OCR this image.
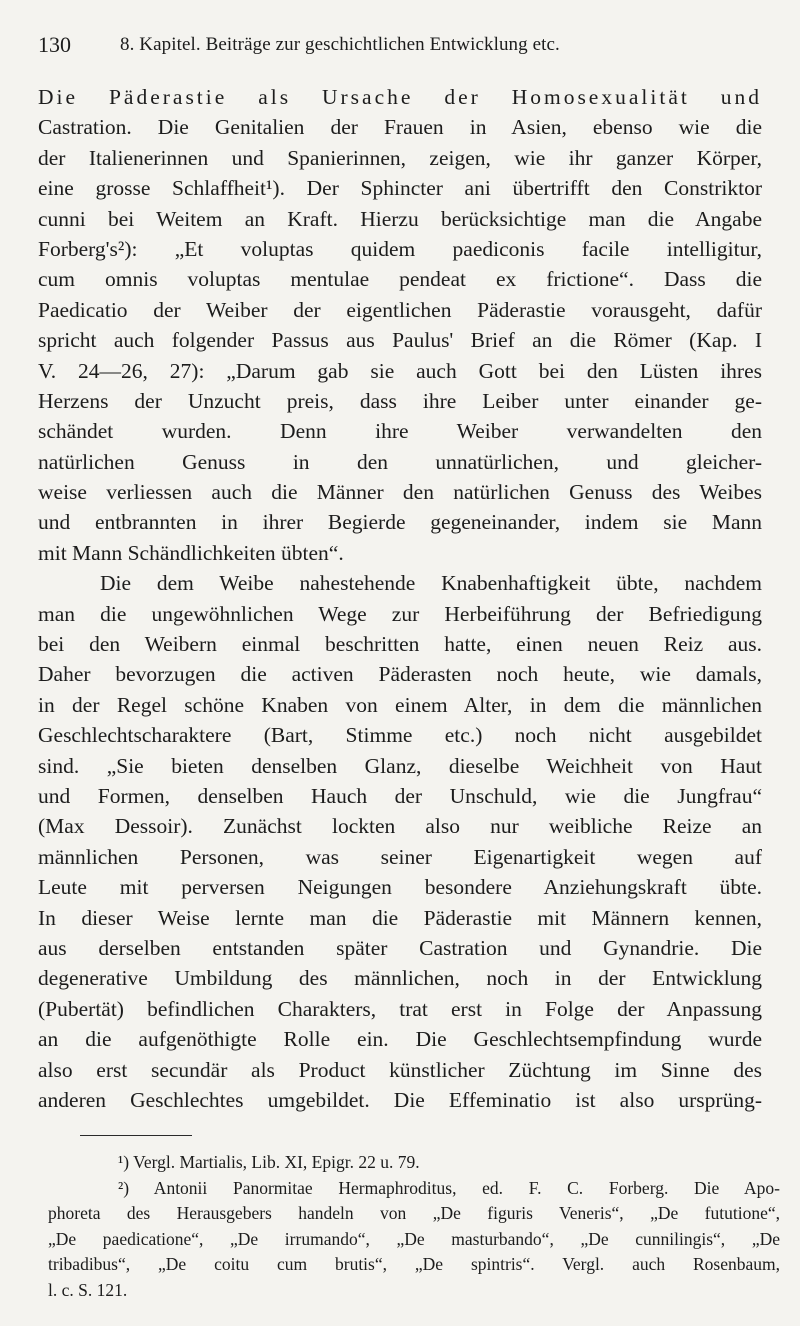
130	8. Kapitel. Beiträge zur geschichtlichen Entwicklung etc.
Die Päderastie als Ursache der Homosexualität und
Castration. Die Genitalien der Frauen in Asien, ebenso wie die
der Italienerinnen und Spanierinnen, zeigen, wie ihr ganzer Körper,
eine grosse Schlaffheit¹). Der Sphincter ani übertrifft den Constriktor
cunni bei Weitem an Kraft. Hierzu berücksichtige man die Angabe
Forberg's²): „Et voluptas quidem paediconis facile intelligitur,
cum omnis voluptas mentulae pendeat ex frictione“. Dass die
Paedicatio der Weiber der eigentlichen Päderastie vorausgeht, dafür
spricht auch folgender Passus aus Paulus' Brief an die Römer (Kap. I
V. 24—26, 27): „Darum gab sie auch Gott bei den Lüsten ihres
Herzens der Unzucht preis, dass ihre Leiber unter einander ge-
schändet wurden. Denn ihre Weiber verwandelten den
natürlichen Genuss in den unnatürlichen, und gleicher-
weise verliessen auch die Männer den natürlichen Genuss des Weibes
und entbrannten in ihrer Begierde gegeneinander, indem sie Mann
mit Mann Schändlichkeiten übten“.
Die dem Weibe nahestehende Knabenhaftigkeit übte, nachdem
man die ungewöhnlichen Wege zur Herbeiführung der Befriedigung
bei den Weibern einmal beschritten hatte, einen neuen Reiz aus.
Daher bevorzugen die activen Päderasten noch heute, wie damals,
in der Regel schöne Knaben von einem Alter, in dem die männlichen
Geschlechtscharaktere (Bart, Stimme etc.) noch nicht ausgebildet
sind. „Sie bieten denselben Glanz, dieselbe Weichheit von Haut
und Formen, denselben Hauch der Unschuld, wie die Jungfrau“
(Max Dessoir). Zunächst lockten also nur weibliche Reize an
männlichen Personen, was seiner Eigenartigkeit wegen auf
Leute mit perversen Neigungen besondere Anziehungskraft übte.
In dieser Weise lernte man die Päderastie mit Männern kennen,
aus derselben entstanden später Castration und Gynandrie. Die
degenerative Umbildung des männlichen, noch in der Entwicklung
(Pubertät) befindlichen Charakters, trat erst in Folge der Anpassung
an die aufgenöthigte Rolle ein. Die Geschlechtsempfindung wurde
also erst secundär als Product künstlicher Züchtung im Sinne des
anderen Geschlechtes umgebildet. Die Effeminatio ist also ursprüng-
¹) Vergl. Martialis, Lib. XI, Epigr. 22 u. 79.
²) Antonii Panormitae Hermaphroditus, ed. F. C. Forberg. Die Apo-
phoreta des Herausgebers handeln von „De figuris Veneris“, „De fututione“,
„De paedicatione“, „De irrumando“, „De masturbando“, „De cunnilingis“, „De
tribadibus“, „De coitu cum brutis“, „De spintris“. Vergl. auch Rosenbaum,
l. c. S. 121.
